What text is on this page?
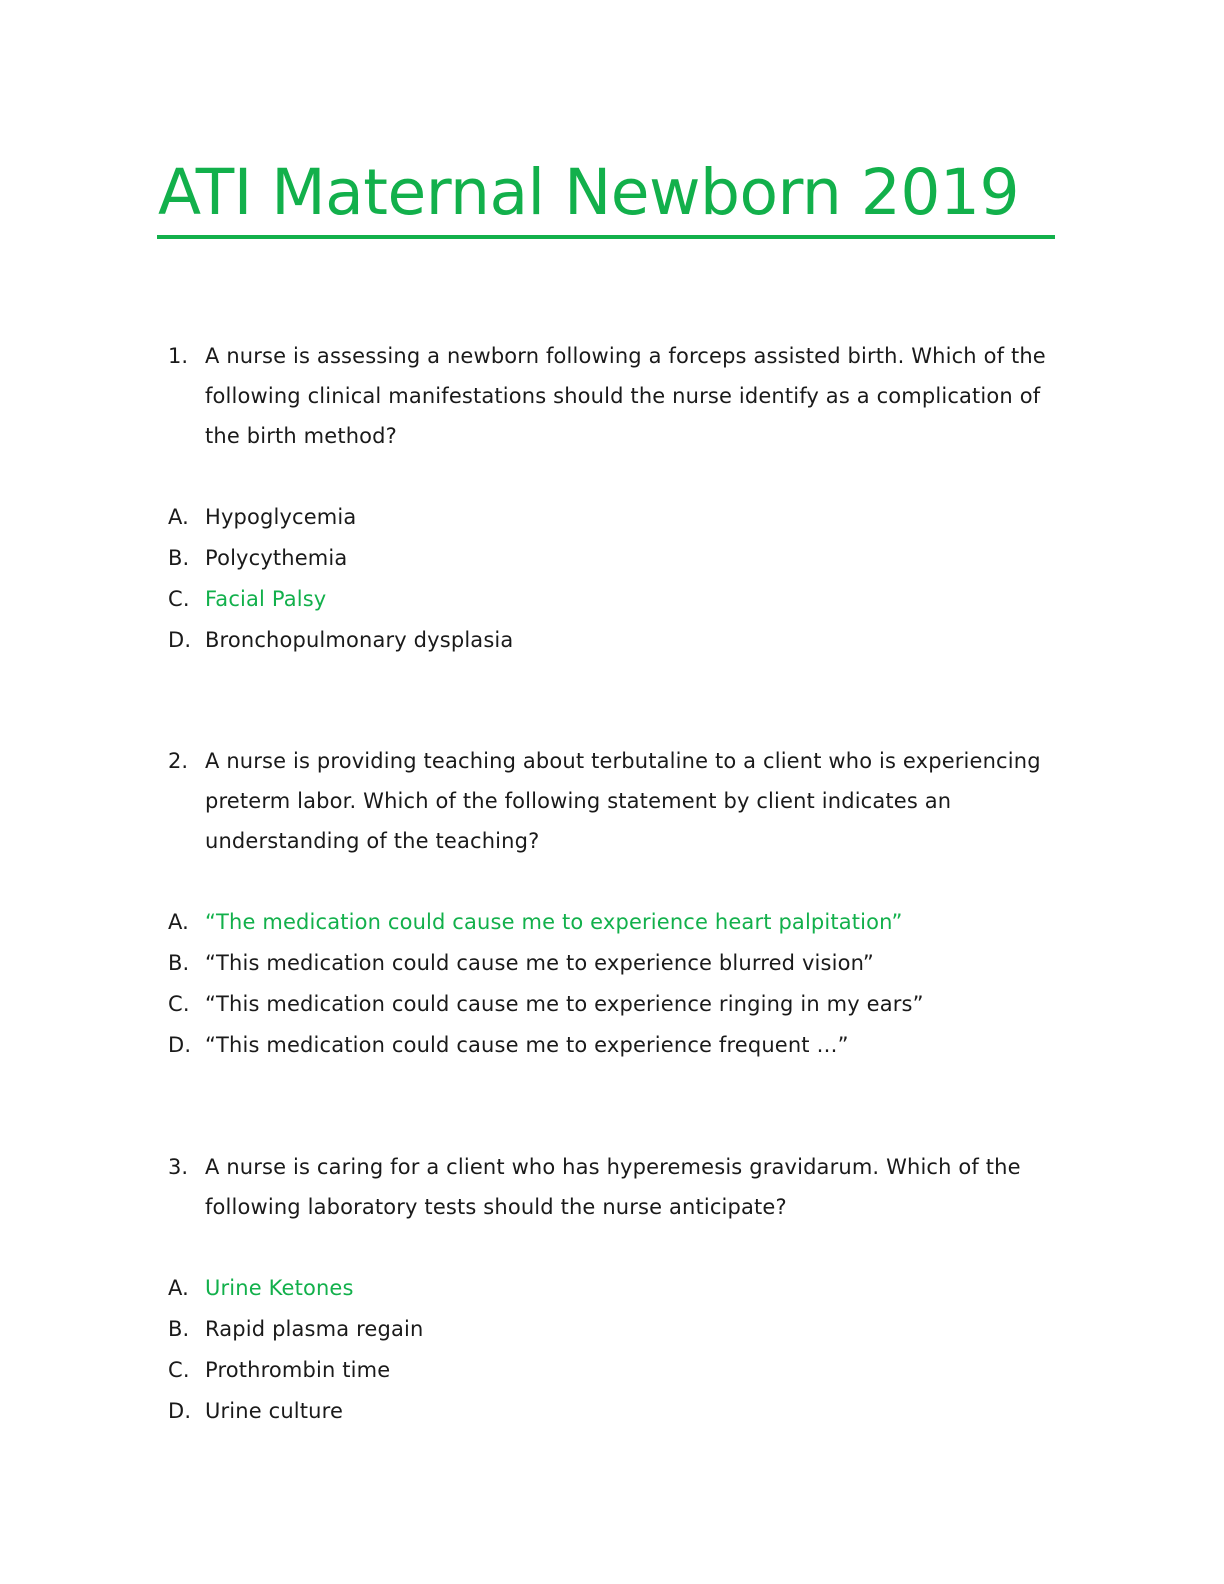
ATI Maternal Newborn 2019
1. A nurse is assessing a newborn following a forceps assisted birth. Which of the
following clinical manifestations should the nurse identify as a complication of
the birth method?

A. Hypoglycemia
B. Polycythemia
C. Facial Palsy
D. Bronchopulmonary dysplasia
2. A nurse is providing teaching about terbutaline to a client who is experiencing
preterm labor. Which of the following statement by client indicates an
understanding of the teaching?

A. “The medication could cause me to experience heart palpitation”
B. “This medication could cause me to experience blurred vision”
C. “This medication could cause me to experience ringing in my ears”
D. “This medication could cause me to experience frequent …”
3. A nurse is caring for a client who has hyperemesis gravidarum. Which of the
following laboratory tests should the nurse anticipate?

A. Urine Ketones
B. Rapid plasma regain
C. Prothrombin time
D. Urine culture
